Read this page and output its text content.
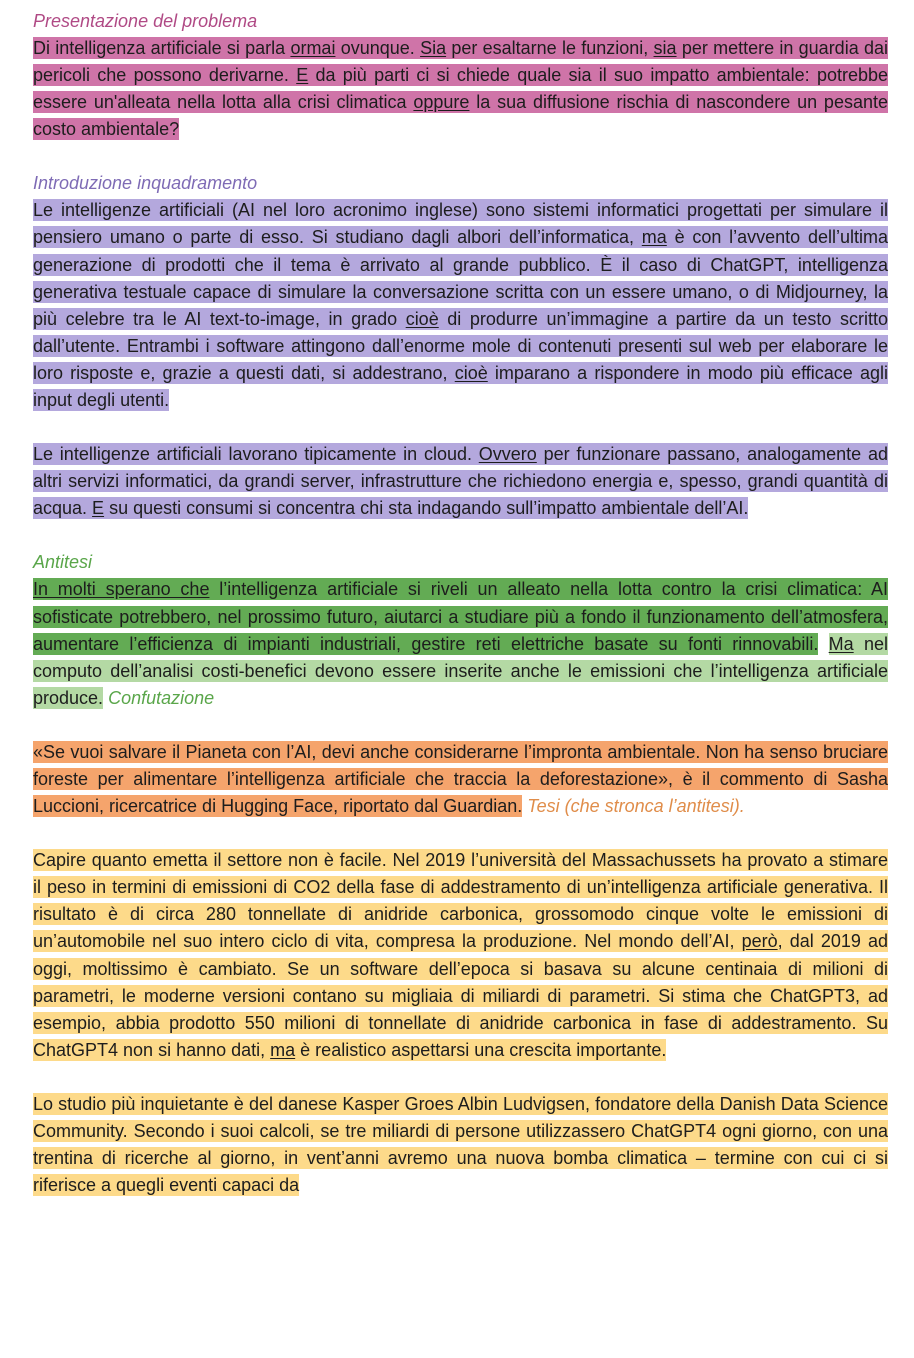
Presentazione del problema

Di intelligenza artificiale si parla ormai ovunque. Sia per esaltarne le funzioni, sia per mettere in guardia dai pericoli che possono derivarne. E da più parti ci si chiede quale sia il suo impatto ambientale: potrebbe essere un'alleata nella lotta alla crisi climatica oppure la sua diffusione rischia di nascondere un pesante costo ambientale?

Introduzione inquadramento

Le intelligenze artificiali (AI nel loro acronimo inglese) sono sistemi informatici progettati per simulare il pensiero umano o parte di esso. Si studiano dagli albori dell’informatica, ma è con l’avvento dell’ultima generazione di prodotti che il tema è arrivato al grande pubblico. È il caso di ChatGPT, intelligenza generativa testuale capace di simulare la conversazione scritta con un essere umano, o di Midjourney, la più celebre tra le AI text-to-image, in grado cioè di produrre un’immagine a partire da un testo scritto dall’utente. Entrambi i software attingono dall’enorme mole di contenuti presenti sul web per elaborare le loro risposte e, grazie a questi dati, si addestrano, cioè imparano a rispondere in modo più efficace agli input degli utenti.

Le intelligenze artificiali lavorano tipicamente in cloud. Ovvero per funzionare passano, analogamente ad altri servizi informatici, da grandi server, infrastrutture che richiedono energia e, spesso, grandi quantità di acqua. E su questi consumi si concentra chi sta indagando sull’impatto ambientale dell’AI.

Antitesi

In molti sperano che l’intelligenza artificiale si riveli un alleato nella lotta contro la crisi climatica: AI sofisticate potrebbero, nel prossimo futuro, aiutarci a studiare più a fondo il funzionamento dell’atmosfera, aumentare l’efficienza di impianti industriali, gestire reti elettriche basate su fonti rinnovabili. Ma nel computo dell’analisi costi-benefici devono essere inserite anche le emissioni che l’intelligenza artificiale produce. Confutazione

«Se vuoi salvare il Pianeta con l’AI, devi anche considerarne l’impronta ambientale. Non ha senso bruciare foreste per alimentare l’intelligenza artificiale che traccia la deforestazione», è il commento di Sasha Luccioni, ricercatrice di Hugging Face, riportato dal Guardian. Tesi (che stronca l’antitesi).

Capire quanto emetta il settore non è facile. Nel 2019 l’università del Massachussets ha provato a stimare il peso in termini di emissioni di CO2 della fase di addestramento di un’intelligenza artificiale generativa. Il risultato è di circa 280 tonnellate di anidride carbonica, grossomodo cinque volte le emissioni di un’automobile nel suo intero ciclo di vita, compresa la produzione. Nel mondo dell’AI, però, dal 2019 ad oggi, moltissimo è cambiato. Se un software dell’epoca si basava su alcune centinaia di milioni di parametri, le moderne versioni contano su migliaia di miliardi di parametri. Si stima che ChatGPT3, ad esempio, abbia prodotto 550 milioni di tonnellate di anidride carbonica in fase di addestramento. Su ChatGPT4 non si hanno dati, ma è realistico aspettarsi una crescita importante.

Lo studio più inquietante è del danese Kasper Groes Albin Ludvigsen, fondatore della Danish Data Science Community. Secondo i suoi calcoli, se tre miliardi di persone utilizzassero ChatGPT4 ogni giorno, con una trentina di ricerche al giorno, in vent’anni avremo una nuova bomba climatica – termine con cui ci si riferisce a quegli eventi capaci da
